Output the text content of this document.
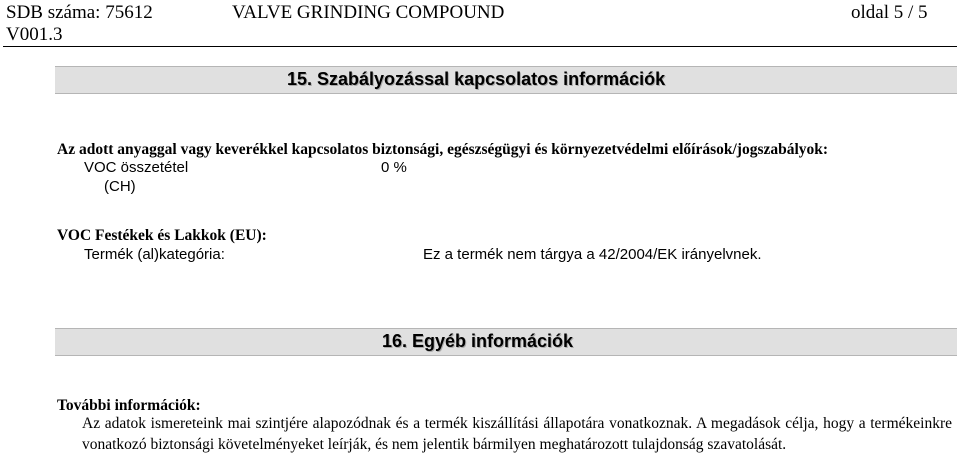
SDB száma: 75612	VALVE GRINDING COMPOUND	oldal 5 / 5
V001.3
15. Szabályozással kapcsolatos információk
Az adott anyaggal vagy keverékkel kapcsolatos biztonsági, egészségügyi és környezetvédelmi előírások/jogszabályok:
VOC összetétel	0 %
(CH)
VOC Festékek és Lakkok (EU):
Termék (al)kategória:	Ez a termék nem tárgya a 42/2004/EK irányelvnek.
16. Egyéb információk
További információk:
Az adatok ismereteink mai szintjére alapozódnak és a termék kiszállítási állapotára vonatkoznak. A megadások célja, hogy a termékeinkre vonatkozó biztonsági követelményeket leírják, és nem jelentik bármilyen meghatározott tulajdonság szavatolását.
